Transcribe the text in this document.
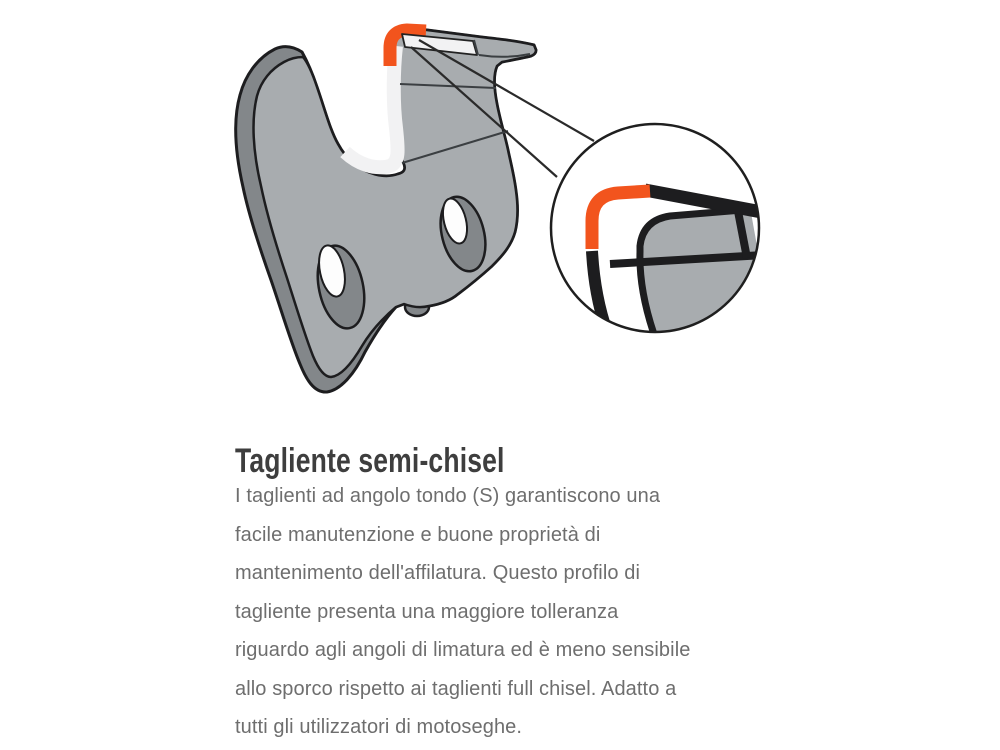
Tagliente semi-chisel
I taglienti ad angolo tondo (S) garantiscono una
facile manutenzione e buone proprietà di
mantenimento dell'affilatura. Questo profilo di
tagliente presenta una maggiore tolleranza
riguardo agli angoli di limatura ed è meno sensibile
allo sporco rispetto ai taglienti full chisel. Adatto a
tutti gli utilizzatori di motoseghe.
